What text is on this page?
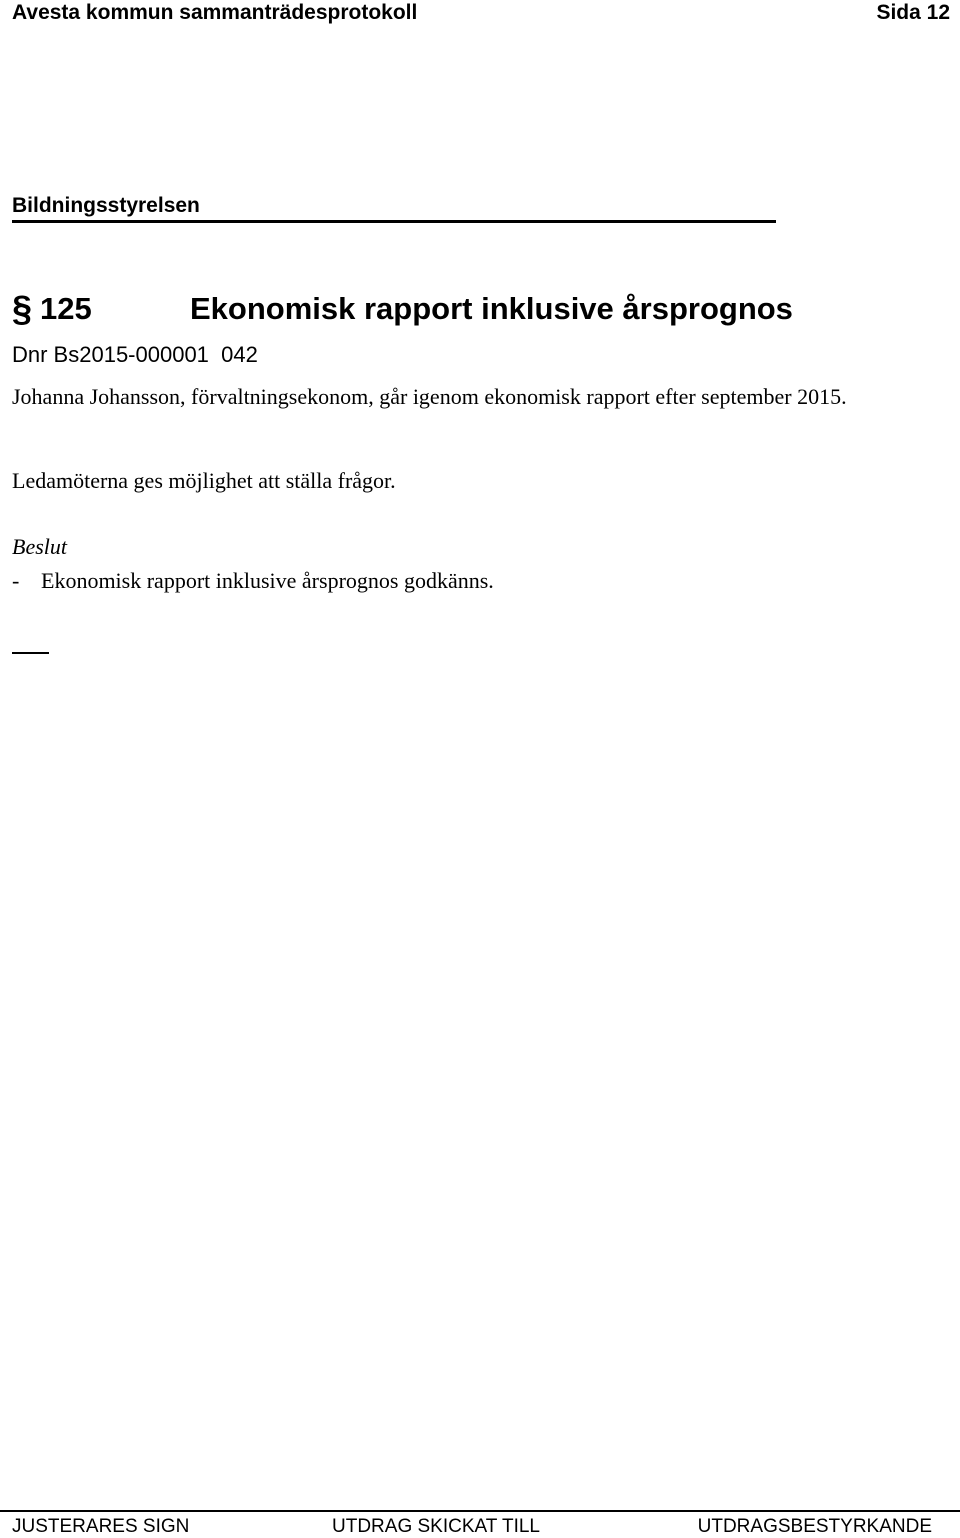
Avesta kommun sammanträdesprotokoll	Sida 12
Bildningsstyrelsen
§ 125	Ekonomisk rapport inklusive årsprognos
Dnr Bs2015-000001  042
Johanna Johansson, förvaltningsekonom, går igenom ekonomisk rapport efter september 2015.
Ledamöterna ges möjlighet att ställa frågor.
Beslut
- Ekonomisk rapport inklusive årsprognos godkänns.
JUSTERARES SIGN	UTDRAG SKICKAT TILL	UTDRAGSBESTYRKANDE
